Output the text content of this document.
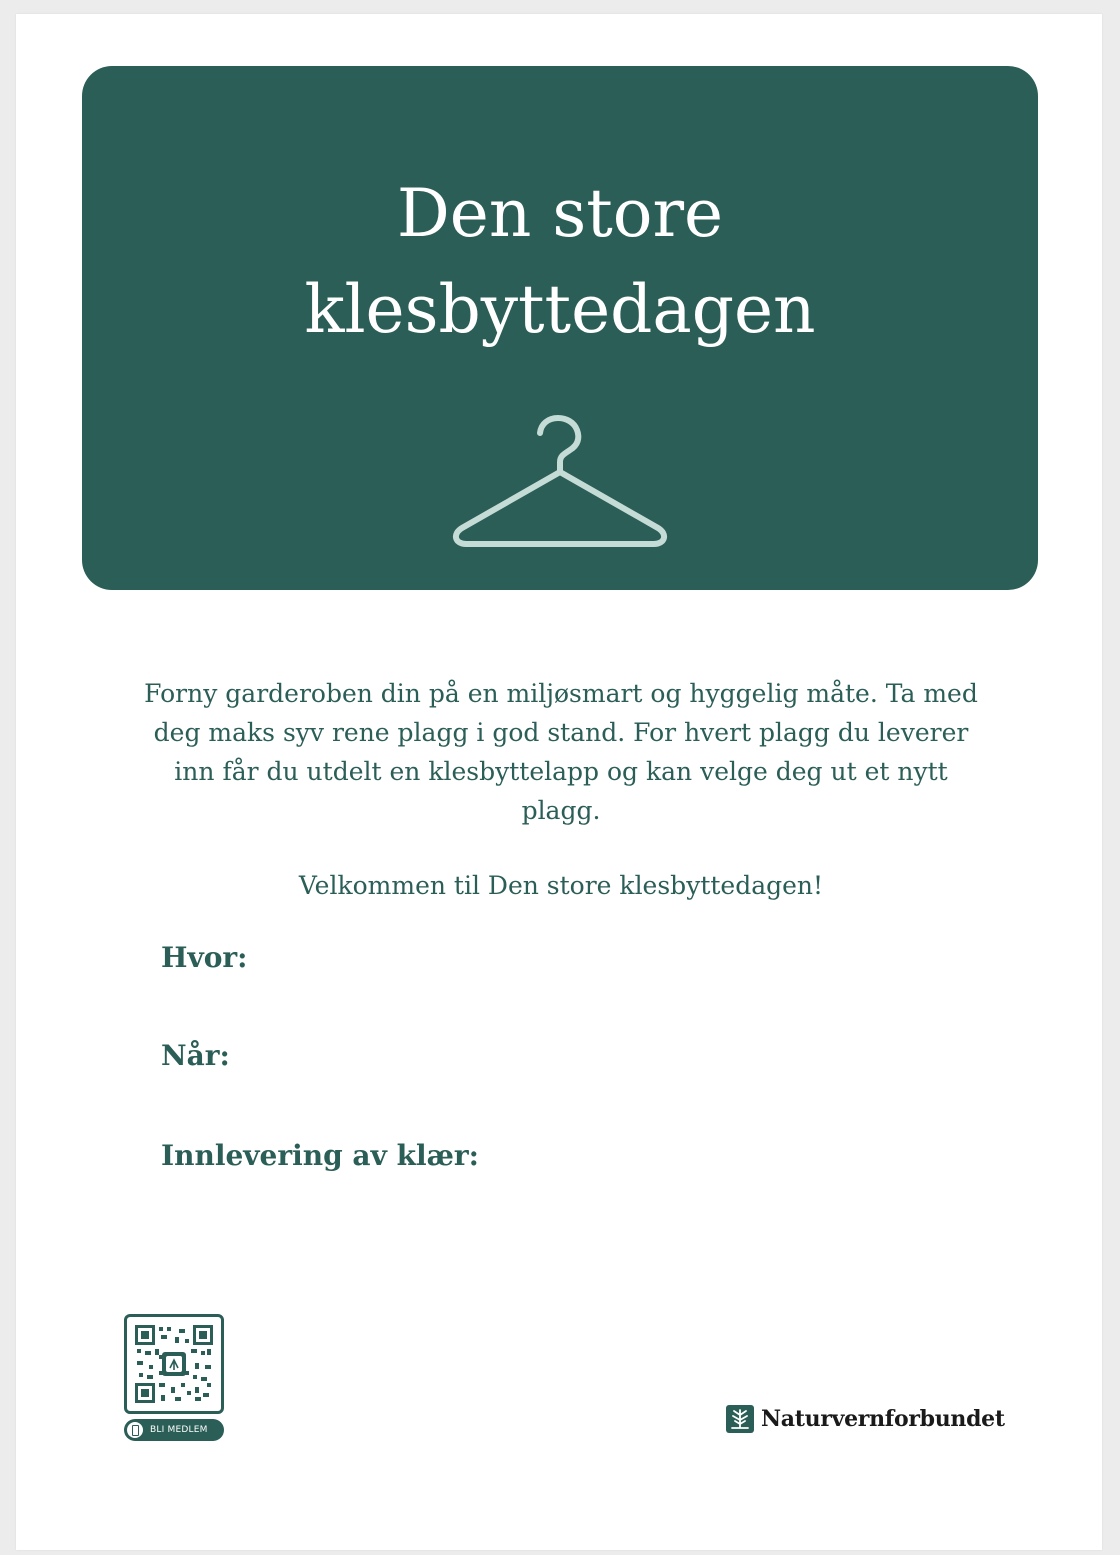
Den store
klesbyttedagen

Forny garderoben din på en miljøsmart og hyggelig måte. Ta med deg maks syv rene plagg i god stand. For hvert plagg du leverer inn får du utdelt en klesbyttelapp og kan velge deg ut et nytt plagg.

Velkommen til Den store klesbyttedagen!

Hvor:

Når:

Innlevering av klær:

BLI MEDLEM	Naturvernforbundet
